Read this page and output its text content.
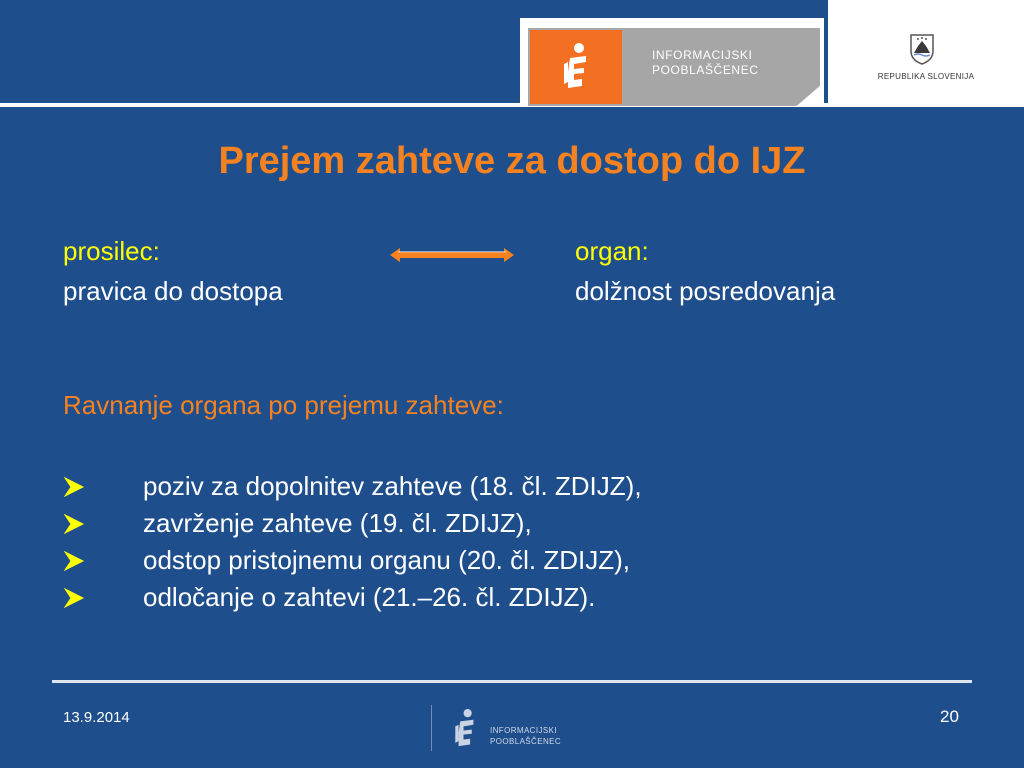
INFORMACIJSKI
POOBLAŠČENEC	REPUBLIKA SLOVENIJA
Prejem zahteve za dostop do IJZ
prosilec:
pravica do dostopa
organ:
dolžnost posredovanja
Ravnanje organa po prejemu zahteve:
poziv za dopolnitev zahteve (18. čl. ZDIJZ),
zavrženje zahteve (19. čl. ZDIJZ),
odstop pristojnemu organu (20. čl. ZDIJZ),
odločanje o zahtevi (21.–26. čl. ZDIJZ).
13.9.2014
INFORMACIJSKI
POOBLAŠČENEC
20
